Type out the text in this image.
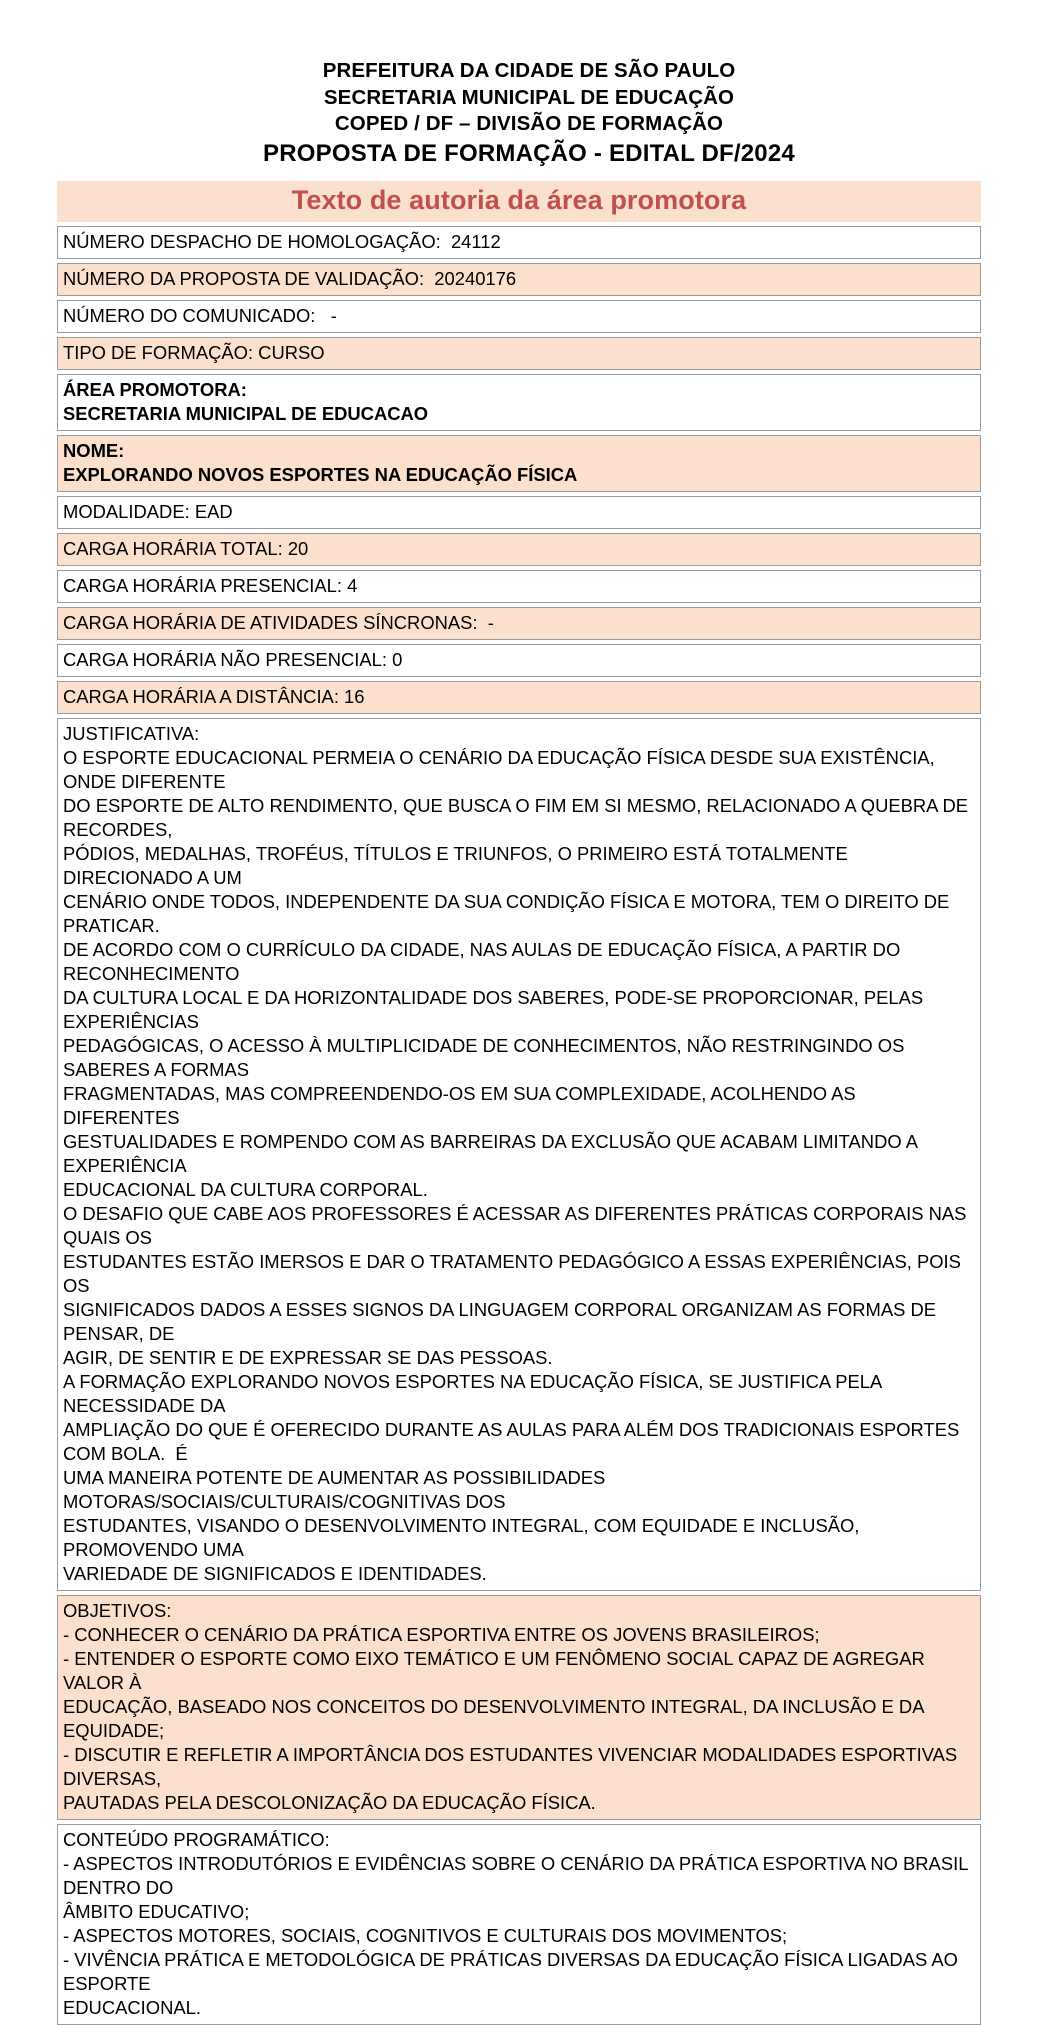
PREFEITURA DA CIDADE DE SÃO PAULO
SECRETARIA MUNICIPAL DE EDUCAÇÃO
COPED / DF – DIVISÃO DE FORMAÇÃO
PROPOSTA DE FORMAÇÃO - EDITAL DF/2024
Texto de autoria da área promotora

NÚMERO DESPACHO DE HOMOLOGAÇÃO:  24112

NÚMERO DA PROPOSTA DE VALIDAÇÃO:  20240176

NÚMERO DO COMUNICADO:   -

TIPO DE FORMAÇÃO: CURSO

ÁREA PROMOTORA:
SECRETARIA MUNICIPAL DE EDUCACAO

NOME:
EXPLORANDO NOVOS ESPORTES NA EDUCAÇÃO FÍSICA

MODALIDADE: EAD

CARGA HORÁRIA TOTAL: 20

CARGA HORÁRIA PRESENCIAL: 4

CARGA HORÁRIA DE ATIVIDADES SÍNCRONAS:  -

CARGA HORÁRIA NÃO PRESENCIAL: 0

CARGA HORÁRIA A DISTÂNCIA: 16

JUSTIFICATIVA:
O ESPORTE EDUCACIONAL PERMEIA O CENÁRIO DA EDUCAÇÃO FÍSICA DESDE SUA EXISTÊNCIA, ONDE DIFERENTE
DO ESPORTE DE ALTO RENDIMENTO, QUE BUSCA O FIM EM SI MESMO, RELACIONADO A QUEBRA DE RECORDES,
PÓDIOS, MEDALHAS, TROFÉUS, TÍTULOS E TRIUNFOS, O PRIMEIRO ESTÁ TOTALMENTE DIRECIONADO A UM
CENÁRIO ONDE TODOS, INDEPENDENTE DA SUA CONDIÇÃO FÍSICA E MOTORA, TEM O DIREITO DE PRATICAR.
DE ACORDO COM O CURRÍCULO DA CIDADE, NAS AULAS DE EDUCAÇÃO FÍSICA, A PARTIR DO RECONHECIMENTO
DA CULTURA LOCAL E DA HORIZONTALIDADE DOS SABERES, PODE-SE PROPORCIONAR, PELAS EXPERIÊNCIAS
PEDAGÓGICAS, O ACESSO À MULTIPLICIDADE DE CONHECIMENTOS, NÃO RESTRINGINDO OS SABERES A FORMAS
FRAGMENTADAS, MAS COMPREENDENDO-OS EM SUA COMPLEXIDADE, ACOLHENDO AS DIFERENTES
GESTUALIDADES E ROMPENDO COM AS BARREIRAS DA EXCLUSÃO QUE ACABAM LIMITANDO A EXPERIÊNCIA
EDUCACIONAL DA CULTURA CORPORAL.
O DESAFIO QUE CABE AOS PROFESSORES É ACESSAR AS DIFERENTES PRÁTICAS CORPORAIS NAS QUAIS OS
ESTUDANTES ESTÃO IMERSOS E DAR O TRATAMENTO PEDAGÓGICO A ESSAS EXPERIÊNCIAS, POIS OS
SIGNIFICADOS DADOS A ESSES SIGNOS DA LINGUAGEM CORPORAL ORGANIZAM AS FORMAS DE PENSAR, DE
AGIR, DE SENTIR E DE EXPRESSAR SE DAS PESSOAS.
A FORMAÇÃO EXPLORANDO NOVOS ESPORTES NA EDUCAÇÃO FÍSICA, SE JUSTIFICA PELA NECESSIDADE DA
AMPLIAÇÃO DO QUE É OFERECIDO DURANTE AS AULAS PARA ALÉM DOS TRADICIONAIS ESPORTES COM BOLA.  É
UMA MANEIRA POTENTE DE AUMENTAR AS POSSIBILIDADES MOTORAS/SOCIAIS/CULTURAIS/COGNITIVAS DOS
ESTUDANTES, VISANDO O DESENVOLVIMENTO INTEGRAL, COM EQUIDADE E INCLUSÃO, PROMOVENDO UMA
VARIEDADE DE SIGNIFICADOS E IDENTIDADES.

OBJETIVOS:
- CONHECER O CENÁRIO DA PRÁTICA ESPORTIVA ENTRE OS JOVENS BRASILEIROS;
- ENTENDER O ESPORTE COMO EIXO TEMÁTICO E UM FENÔMENO SOCIAL CAPAZ DE AGREGAR VALOR À
EDUCAÇÃO, BASEADO NOS CONCEITOS DO DESENVOLVIMENTO INTEGRAL, DA INCLUSÃO E DA EQUIDADE;
- DISCUTIR E REFLETIR A IMPORTÂNCIA DOS ESTUDANTES VIVENCIAR MODALIDADES ESPORTIVAS DIVERSAS,
PAUTADAS PELA DESCOLONIZAÇÃO DA EDUCAÇÃO FÍSICA.

CONTEÚDO PROGRAMÁTICO:
- ASPECTOS INTRODUTÓRIOS E EVIDÊNCIAS SOBRE O CENÁRIO DA PRÁTICA ESPORTIVA NO BRASIL DENTRO DO
ÂMBITO EDUCATIVO;
- ASPECTOS MOTORES, SOCIAIS, COGNITIVOS E CULTURAIS DOS MOVIMENTOS;
- VIVÊNCIA PRÁTICA E METODOLÓGICA DE PRÁTICAS DIVERSAS DA EDUCAÇÃO FÍSICA LIGADAS AO ESPORTE
EDUCACIONAL.
